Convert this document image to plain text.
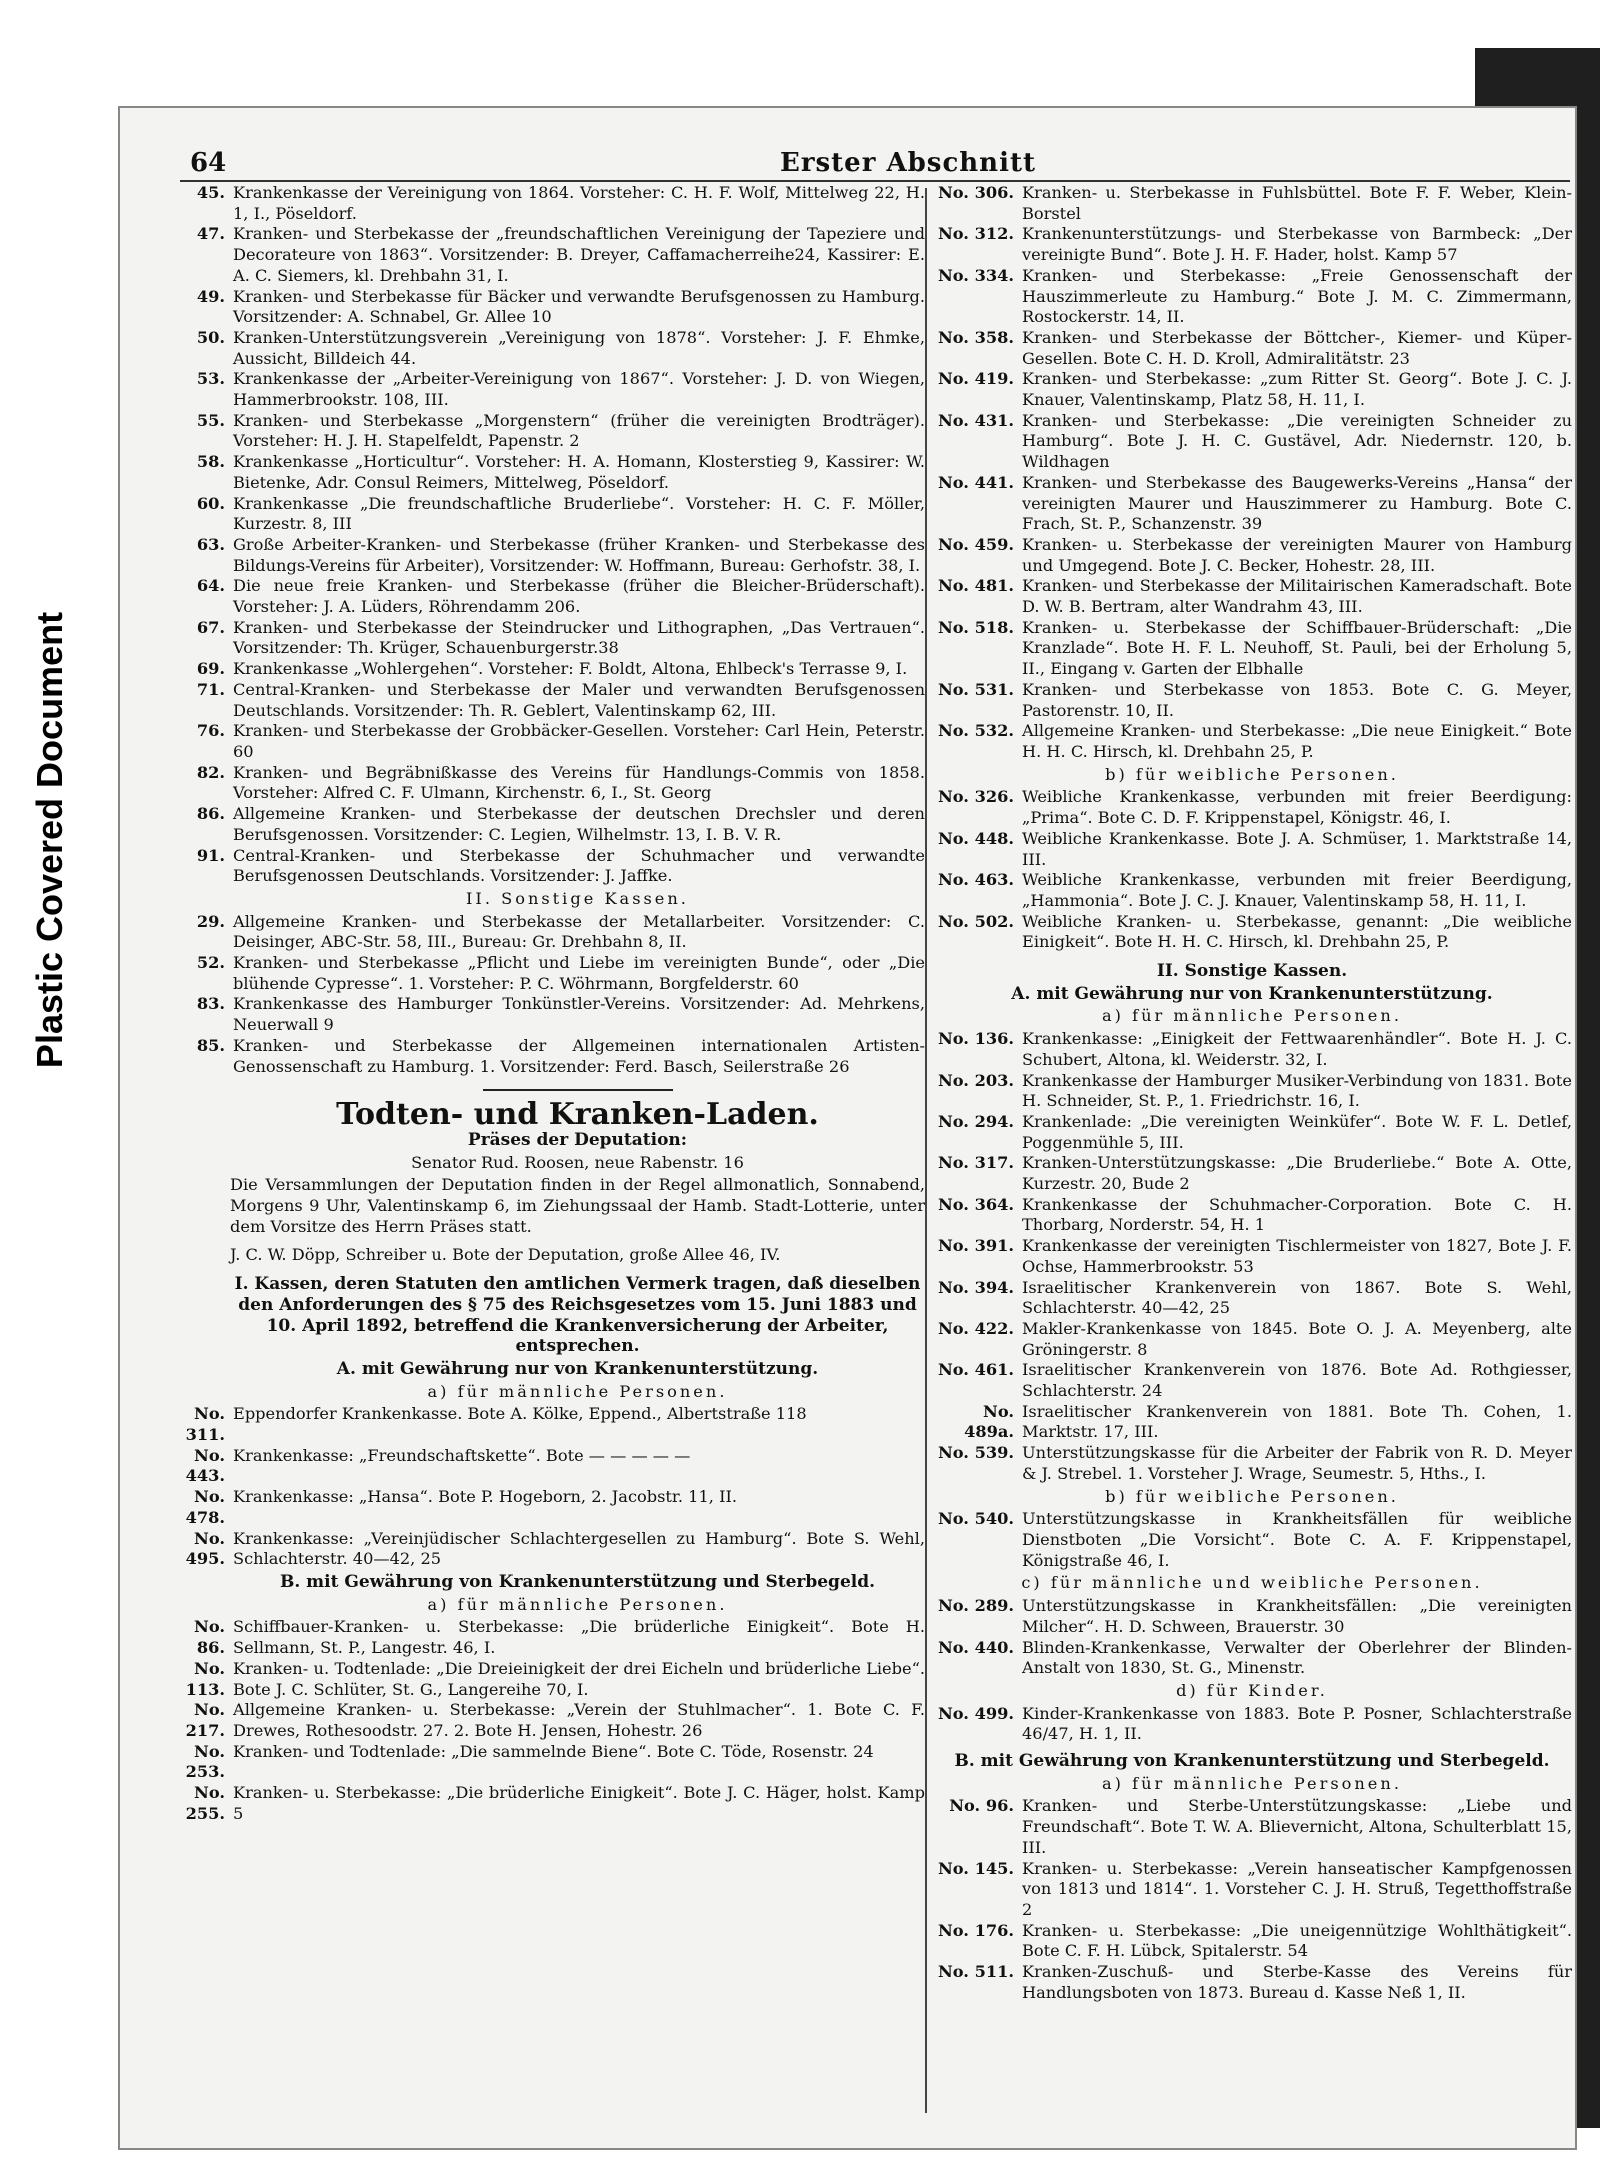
Plastic Covered Document
64	Erster Abschnitt
45. Krankenkasse der Vereinigung von 1864. Vorsteher: C. H. F. Wolf, Mittelweg 22, H. 1, I., Pöseldorf.
47. Kranken- und Sterbekasse der „freundschaftlichen Vereinigung der Tapeziere und Decorateure von 1863“. Vorsitzender: B. Dreyer, Caffamacherreihe24, Kassirer: E. A. C. Siemers, kl. Drehbahn 31, I.
49. Kranken- und Sterbekasse für Bäcker und verwandte Berufsgenossen zu Hamburg. Vorsitzender: A. Schnabel, Gr. Allee 10
50. Kranken-Unterstützungsverein „Vereinigung von 1878“. Vorsteher: J. F. Ehmke, Aussicht, Billdeich 44.
53. Krankenkasse der „Arbeiter-Vereinigung von 1867“. Vorsteher: J. D. von Wiegen, Hammerbrookstr. 108, III.
55. Kranken- und Sterbekasse „Morgenstern“ (früher die vereinigten Brodträger). Vorsteher: H. J. H. Stapelfeldt, Papenstr. 2
58. Krankenkasse „Horticultur“. Vorsteher: H. A. Homann, Klosterstieg 9, Kassirer: W. Bietenke, Adr. Consul Reimers, Mittelweg, Pöseldorf.
60. Krankenkasse „Die freundschaftliche Bruderliebe“. Vorsteher: H. C. F. Möller, Kurzestr. 8, III
63. Große Arbeiter-Kranken- und Sterbekasse (früher Kranken- und Sterbekasse des Bildungs-Vereins für Arbeiter), Vorsitzender: W. Hoffmann, Bureau: Gerhofstr. 38, I.
64. Die neue freie Kranken- und Sterbekasse (früher die Bleicher-Brüderschaft). Vorsteher: J. A. Lüders, Röhrendamm 206.
67. Kranken- und Sterbekasse der Steindrucker und Lithographen, „Das Vertrauen“. Vorsitzender: Th. Krüger, Schauenburgerstr.38
69. Krankenkasse „Wohlergehen“. Vorsteher: F. Boldt, Altona, Ehlbeck's Terrasse 9, I.
71. Central-Kranken- und Sterbekasse der Maler und verwandten Berufsgenossen Deutschlands. Vorsitzender: Th. R. Geblert, Valentinskamp 62, III.
76. Kranken- und Sterbekasse der Grobbäcker-Gesellen. Vorsteher: Carl Hein, Peterstr. 60
82. Kranken- und Begräbnißkasse des Vereins für Handlungs-Commis von 1858. Vorsteher: Alfred C. F. Ulmann, Kirchenstr. 6, I., St. Georg
86. Allgemeine Kranken- und Sterbekasse der deutschen Drechsler und deren Berufsgenossen. Vorsitzender: C. Legien, Wilhelmstr. 13, I. B. V. R.
91. Central-Kranken- und Sterbekasse der Schuhmacher und verwandte Berufsgenossen Deutschlands. Vorsitzender: J. Jaffke.
II. Sonstige Kassen.
29. Allgemeine Kranken- und Sterbekasse der Metallarbeiter. Vorsitzender: C. Deisinger, ABC-Str. 58, III., Bureau: Gr. Drehbahn 8, II.
52. Kranken- und Sterbekasse „Pflicht und Liebe im vereinigten Bunde“, oder „Die blühende Cypresse“. 1. Vorsteher: P. C. Wöhrmann, Borgfelderstr. 60
83. Krankenkasse des Hamburger Tonkünstler-Vereins. Vorsitzender: Ad. Mehrkens, Neuerwall 9
85. Kranken- und Sterbekasse der Allgemeinen internationalen Artisten-Genossenschaft zu Hamburg. 1. Vorsitzender: Ferd. Basch, Seilerstraße 26
Todten- und Kranken-Laden.
Präses der Deputation:
Senator Rud. Roosen, neue Rabenstr. 16
Die Versammlungen der Deputation finden in der Regel allmonatlich, Sonnabend, Morgens 9 Uhr, Valentinskamp 6, im Ziehungssaal der Hamb. Stadt-Lotterie, unter dem Vorsitze des Herrn Präses statt.
J. C. W. Döpp, Schreiber u. Bote der Deputation, große Allee 46, IV.
I. Kassen, deren Statuten den amtlichen Vermerk tragen, daß dieselben den Anforderungen des § 75 des Reichsgesetzes vom 15. Juni 1883 und 10. April 1892, betreffend die Krankenversicherung der Arbeiter, entsprechen.
A. mit Gewährung nur von Krankenunterstützung.
a) für männliche Personen.
No. 311.
Eppendorfer Krankenkasse. Bote A. Kölke, Eppend., Albertstraße 118
No. 443.
Krankenkasse: „Freundschaftskette“. Bote — — — — —
No. 478.
Krankenkasse: „Hansa“. Bote P. Hogeborn, 2. Jacobstr. 11, II.
No. 495.
Krankenkasse: „Vereinjüdischer Schlachtergesellen zu Hamburg“. Bote S. Wehl, Schlachterstr. 40—42, 25
B. mit Gewährung von Krankenunterstützung und Sterbegeld.
a) für männliche Personen.
No. 86.
Schiffbauer-Kranken- u. Sterbekasse: „Die brüderliche Einigkeit“. Bote H. Sellmann, St. P., Langestr. 46, I.
No. 113.
Kranken- u. Todtenlade: „Die Dreieinigkeit der drei Eicheln und brüderliche Liebe“. Bote J. C. Schlüter, St. G., Langereihe 70, I.
No. 217.
Allgemeine Kranken- u. Sterbekasse: „Verein der Stuhlmacher“. 1. Bote C. F. Drewes, Rothesoodstr. 27. 2. Bote H. Jensen, Hohestr. 26
No. 253.
Kranken- und Todtenlade: „Die sammelnde Biene“. Bote C. Töde, Rosenstr. 24
No. 255.
Kranken- u. Sterbekasse: „Die brüderliche Einigkeit“. Bote J. C. Häger, holst. Kamp 5
No. 306. Kranken- u. Sterbekasse in Fuhlsbüttel. Bote F. F. Weber, Klein-Borstel
No. 312. Krankenunterstützungs- und Sterbekasse von Barmbeck: „Der vereinigte Bund“. Bote J. H. F. Hader, holst. Kamp 57
No. 334. Kranken- und Sterbekasse: „Freie Genossenschaft der Hauszimmerleute zu Hamburg.“ Bote J. M. C. Zimmermann, Rostockerstr. 14, II.
No. 358. Kranken- und Sterbekasse der Böttcher-, Kiemer- und Küper-Gesellen. Bote C. H. D. Kroll, Admiralitätstr. 23
No. 419. Kranken- und Sterbekasse: „zum Ritter St. Georg“. Bote J. C. J. Knauer, Valentinskamp, Platz 58, H. 11, I.
No. 431. Kranken- und Sterbekasse: „Die vereinigten Schneider zu Hamburg“. Bote J. H. C. Gustävel, Adr. Niedernstr. 120, b. Wildhagen
No. 441. Kranken- und Sterbekasse des Baugewerks-Vereins „Hansa“ der vereinigten Maurer und Hauszimmerer zu Hamburg. Bote C. Frach, St. P., Schanzenstr. 39
No. 459. Kranken- u. Sterbekasse der vereinigten Maurer von Hamburg und Umgegend. Bote J. C. Becker, Hohestr. 28, III.
No. 481. Kranken- und Sterbekasse der Militairischen Kameradschaft. Bote D. W. B. Bertram, alter Wandrahm 43, III.
No. 518. Kranken- u. Sterbekasse der Schiffbauer-Brüderschaft: „Die Kranzlade“. Bote H. F. L. Neuhoff, St. Pauli, bei der Erholung 5, II., Eingang v. Garten der Elbhalle
No. 531. Kranken- und Sterbekasse von 1853. Bote C. G. Meyer, Pastorenstr. 10, II.
No. 532. Allgemeine Kranken- und Sterbekasse: „Die neue Einigkeit.“ Bote H. H. C. Hirsch, kl. Drehbahn 25, P.
b) für weibliche Personen.
No. 326. Weibliche Krankenkasse, verbunden mit freier Beerdigung: „Prima“. Bote C. D. F. Krippenstapel, Königstr. 46, I.
No. 448. Weibliche Krankenkasse. Bote J. A. Schmüser, 1. Marktstraße 14, III.
No. 463. Weibliche Krankenkasse, verbunden mit freier Beerdigung, „Hammonia“. Bote J. C. J. Knauer, Valentinskamp 58, H. 11, I.
No. 502. Weibliche Kranken- u. Sterbekasse, genannt: „Die weibliche Einigkeit“. Bote H. H. C. Hirsch, kl. Drehbahn 25, P.
II. Sonstige Kassen.
A. mit Gewährung nur von Krankenunterstützung.
a) für männliche Personen.
No. 136. Krankenkasse: „Einigkeit der Fettwaarenhändler“. Bote H. J. C. Schubert, Altona, kl. Weiderstr. 32, I.
No. 203. Krankenkasse der Hamburger Musiker-Verbindung von 1831. Bote H. Schneider, St. P., 1. Friedrichstr. 16, I.
No. 294. Krankenlade: „Die vereinigten Weinküfer“. Bote W. F. L. Detlef, Poggenmühle 5, III.
No. 317. Kranken-Unterstützungskasse: „Die Bruderliebe.“ Bote A. Otte, Kurzestr. 20, Bude 2
No. 364. Krankenkasse der Schuhmacher-Corporation. Bote C. H. Thorbarg, Norderstr. 54, H. 1
No. 391. Krankenkasse der vereinigten Tischlermeister von 1827, Bote J. F. Ochse, Hammerbrookstr. 53
No. 394. Israelitischer Krankenverein von 1867. Bote S. Wehl, Schlachterstr. 40—42, 25
No. 422. Makler-Krankenkasse von 1845. Bote O. J. A. Meyenberg, alte Gröningerstr. 8
No. 461. Israelitischer Krankenverein von 1876. Bote Ad. Rothgiesser, Schlachterstr. 24
No. 489a.
Israelitischer Krankenverein von 1881. Bote Th. Cohen, 1. Marktstr. 17, III.
No. 539. Unterstützungskasse für die Arbeiter der Fabrik von R. D. Meyer & J. Strebel. 1. Vorsteher J. Wrage, Seumestr. 5, Hths., I.
b) für weibliche Personen.
No. 540. Unterstützungskasse in Krankheitsfällen für weibliche Dienstboten „Die Vorsicht“. Bote C. A. F. Krippenstapel, Königstraße 46, I.
c) für männliche und weibliche Personen.
No. 289. Unterstützungskasse in Krankheitsfällen: „Die vereinigten Milcher“. H. D. Schween, Brauerstr. 30
No. 440. Blinden-Krankenkasse, Verwalter der Oberlehrer der Blinden-Anstalt von 1830, St. G., Minenstr.
d) für Kinder.
No. 499. Kinder-Krankenkasse von 1883. Bote P. Posner, Schlachterstraße 46/47, H. 1, II.
B. mit Gewährung von Krankenunterstützung und Sterbegeld.
a) für männliche Personen.
No. 96. Kranken- und Sterbe-Unterstützungskasse: „Liebe und Freundschaft“. Bote T. W. A. Blievernicht, Altona, Schulterblatt 15, III.
No. 145. Kranken- u. Sterbekasse: „Verein hanseatischer Kampfgenossen von 1813 und 1814“. 1. Vorsteher C. J. H. Struß, Tegetthoffstraße 2
No. 176. Kranken- u. Sterbekasse: „Die uneigennützige Wohlthätigkeit“. Bote C. F. H. Lübck, Spitalerstr. 54
No. 511. Kranken-Zuschuß- und Sterbe-Kasse des Vereins für Handlungsboten von 1873. Bureau d. Kasse Neß 1, II.
